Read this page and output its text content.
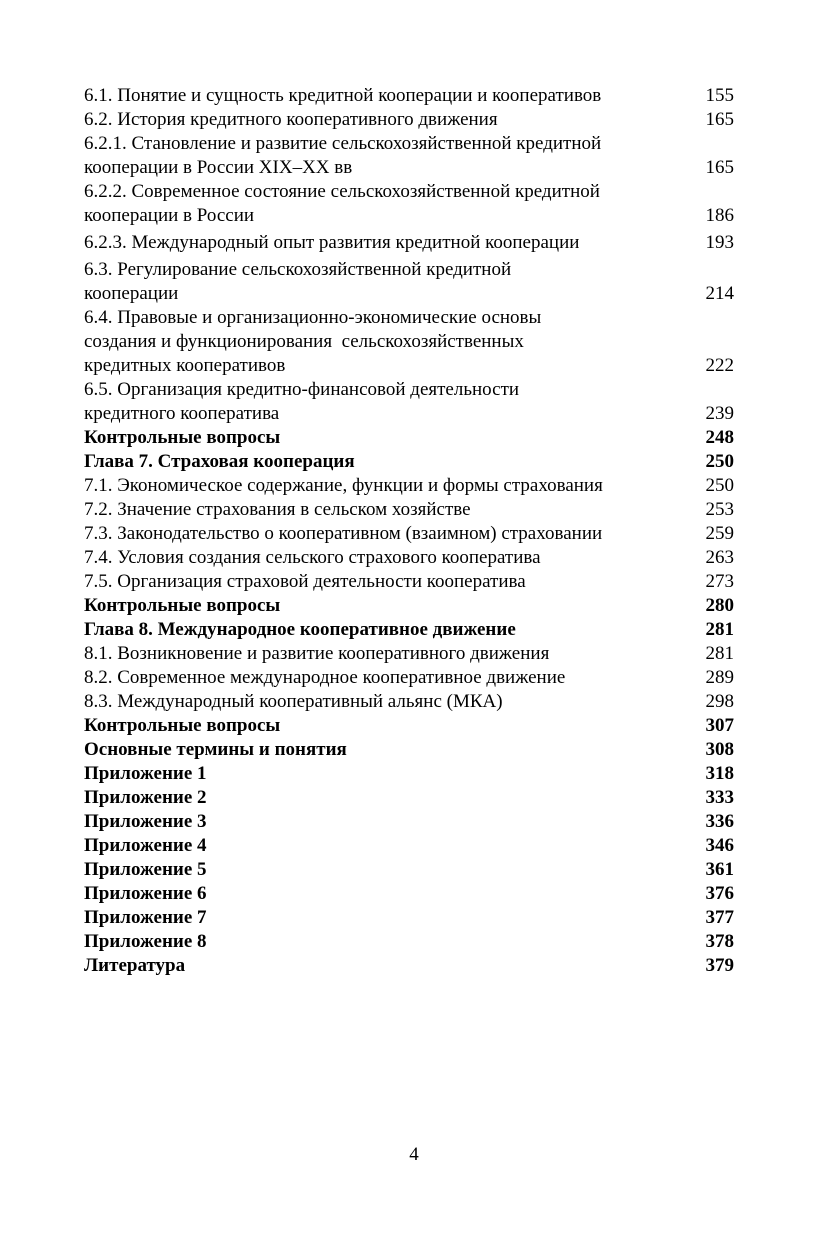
6.1. Понятие и сущность кредитной кооперации и кооперативов	155
6.2. История кредитного кооперативного движения	165
6.2.1. Становление и развитие сельскохозяйственной кредитной
кооперации в России XIX–XX вв	165
6.2.2. Современное состояние сельскохозяйственной кредитной
кооперации в России	186
6.2.3. Международный опыт развития кредитной кооперации	193
6.3. Регулирование сельскохозяйственной кредитной
кооперации	214
6.4. Правовые и организационно-экономические основы
создания и функционирования  сельскохозяйственных
кредитных кооперативов	222
6.5. Организация кредитно-финансовой деятельности
кредитного кооператива	239
Контрольные вопросы	248
Глава 7. Страховая кооперация	250
7.1. Экономическое содержание, функции и формы страхования	250
7.2. Значение страхования в сельском хозяйстве	253
7.3. Законодательство о кооперативном (взаимном) страховании	259
7.4. Условия создания сельского страхового кооператива	263
7.5. Организация страховой деятельности кооператива	273
Контрольные вопросы	280
Глава 8. Международное кооперативное движение	281
8.1. Возникновение и развитие кооперативного движения	281
8.2. Современное международное кооперативное движение	289
8.3. Международный кооперативный альянс (МКА)	298
Контрольные вопросы	307
Основные термины и понятия	308
Приложение 1	318
Приложение 2	333
Приложение 3	336
Приложение 4	346
Приложение 5	361
Приложение 6	376
Приложение 7	377
Приложение 8	378
Литература	379
4
